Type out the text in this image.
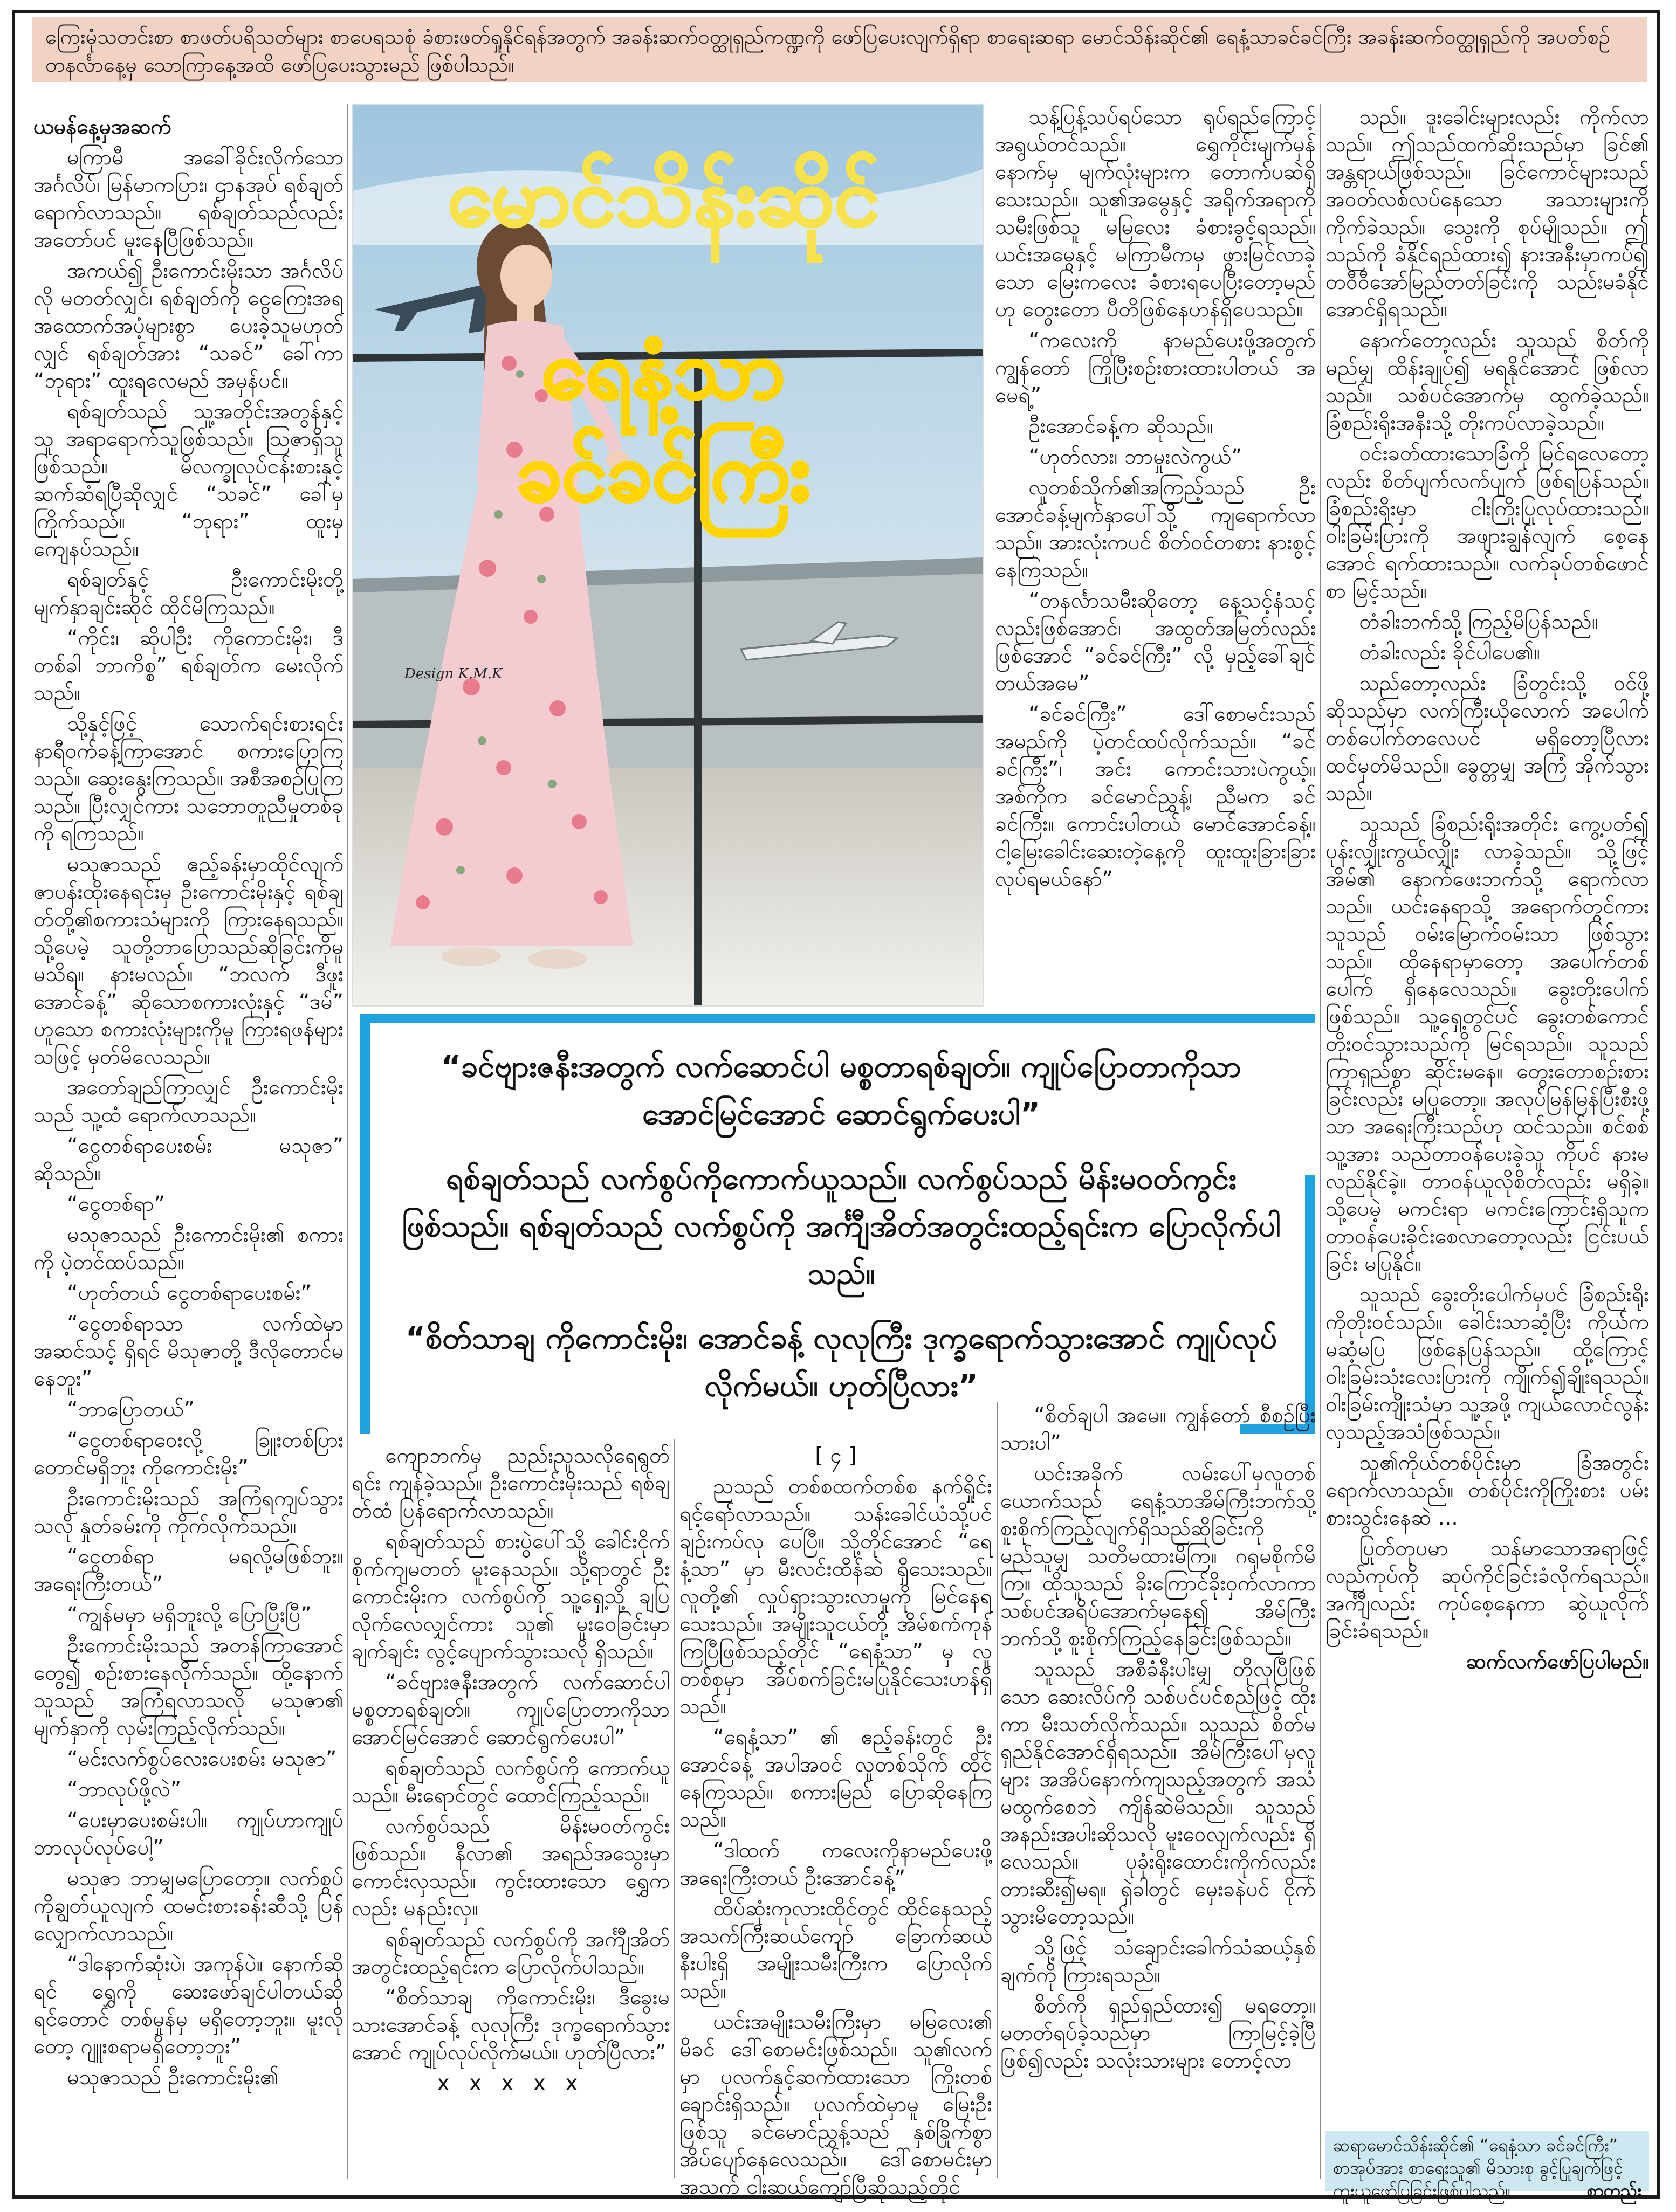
ကြေးမုံသတင်းစာ စာဖတ်ပရိသတ်များ စာပေရသစုံ ခံစားဖတ်ရှုနိုင်ရန်အတွက် အခန်းဆက်ဝတ္ထုရှည်ကဏ္ဍကို ဖော်ပြပေးလျက်ရှိရာ စာရေးဆရာ မောင်သိန်းဆိုင်၏ ရေနံ့သာခင်ခင်ကြီး အခန်းဆက်ဝတ္ထုရှည်ကို အပတ်စဉ် တနင်္လာနေ့မှ သောကြာနေ့အထိ ဖော်ပြပေးသွားမည် ဖြစ်ပါသည်။
မောင်သိန်းဆိုင်
ရေနံ့သာ
ခင်ခင်ကြီး
Design K.M.K

“ခင်ဗျားဇနီးအတွက် လက်ဆောင်ပါ မစ္စတာရစ်ချတ်။ ကျုပ်ပြောတာကိုသာ အောင်မြင်အောင် ဆောင်ရွက်ပေးပါ”

ရစ်ချတ်သည် လက်စွပ်ကိုကောက်ယူသည်။ လက်စွပ်သည် မိန်းမဝတ်ကွင်းဖြစ်သည်။ ရစ်ချတ်သည် လက်စွပ်ကို အင်္ကျီအိတ်အတွင်းထည့်ရင်းက ပြောလိုက်ပါသည်။

“စိတ်သာချ ကိုကောင်းမိုး၊ အောင်ခန့် လုလုကြီး ဒုက္ခရောက်သွားအောင် ကျုပ်လုပ်လိုက်မယ်။ ဟုတ်ပြီလား”

ယမန်နေ့မှအဆက်

မကြာမီ အခေါ်ခိုင်းလိုက်သော အင်္ဂလိပ်၊ မြန်မာကပြား၊ ဌာနအုပ် ရစ်ချတ် ရောက်လာသည်။ ရစ်ချတ်သည်လည်း အတော်ပင် မူးနေပြီဖြစ်သည်။

အကယ်၍ ဦးကောင်းမိုးသာ အင်္ဂလိပ်လို မတတ်လျှင်၊ ရစ်ချတ်ကို ငွေကြေးအရ အထောက်အပံ့များစွာ ပေးခဲ့သူမဟုတ်လျှင် ရစ်ချတ်အား “သခင်” ခေါ်ကာ “ဘုရား” ထူးရလေမည် အမှန်ပင်။

ရစ်ချတ်သည် သူ့အတိုင်းအတွန်နှင့်သူ အရာရောက်သူဖြစ်သည်။ ဩဇာရှိသူဖြစ်သည်။ မိလက္ခုလုပ်ငန်းစားနှင့် ဆက်ဆံရပြီဆိုလျှင် “သခင်” ခေါ်မှ ကြိုက်သည်။ “ဘုရား” ထူးမှ ကျေနပ်သည်။

ရစ်ချတ်နှင့် ဦးကောင်းမိုးတို့ မျက်နှာချင်းဆိုင် ထိုင်မိကြသည်။

“ကိုင်း၊ ဆိုပါဦး ကိုကောင်းမိုး၊ ဒီတစ်ခါ ဘာကိစ္စ” ရစ်ချတ်က မေးလိုက်သည်။

သို့နှင့်ဖြင့် သောက်ရင်းစားရင်း နာရီဝက်ခန့်ကြာအောင် စကားပြောကြသည်။ ဆွေးနွေးကြသည်။ အစီအစဉ်ပြုကြသည်။ ပြီးလျှင်ကား သဘောတူညီမှုတစ်ခုကို ရကြသည်။

မသုဇာသည် ဧည့်ခန်းမှာထိုင်လျက် ဇာပန်းထိုးနေရင်းမှ ဦးကောင်းမိုးနှင့် ရစ်ချတ်တို့၏စကားသံများကို ကြားနေရသည်။ သို့ပေမဲ့ သူတို့ဘာပြောသည်ဆိုခြင်းကိုမူ မသိရ။ နားမလည်။ “ဘလက် ဒီဖူး အောင်ခန့်” ဆိုသောစကားလုံးနှင့် “ဒမ်” ဟူသော စကားလုံးများကိုမူ ကြားရဖန်များသဖြင့် မှတ်မိလေသည်။

အတော်ချည်ကြာလျှင် ဦးကောင်းမိုးသည် သူ့ထံ ရောက်လာသည်။

“ငွေတစ်ရာပေးစမ်း မသုဇာ” ဆိုသည်။

“ငွေတစ်ရာ”

မသုဇာသည် ဦးကောင်းမိုး၏ စကားကို ပဲ့တင်ထပ်သည်။

“ဟုတ်တယ် ငွေတစ်ရာပေးစမ်း”

“ငွေတစ်ရာသာ လက်ထဲမှာအဆင်သင့် ရှိရင် မိသုဇာတို့ ဒီလိုတောင်မနေဘူး”

“ဘာပြောတယ်”

“ငွေတစ်ရာဝေးလို့ ခြူးတစ်ပြားတောင်မရှိဘူး ကိုကောင်းမိုး”

ဦးကောင်းမိုးသည် အကြံရကျပ်သွားသလို နှုတ်ခမ်းကို ကိုက်လိုက်သည်။

“ငွေတစ်ရာ မရလို့မဖြစ်ဘူး။ အရေးကြီးတယ်”

“ကျွန်မမှာ မရှိဘူးလို့ ပြောပြီးပြီ”

ဦးကောင်းမိုးသည် အတန်ကြာအောင် တွေ၍ စဉ်းစားနေလိုက်သည်။ ထို့နောက် သူသည် အကြံရလာသလို မသုဇာ၏ မျက်နှာကို လှမ်းကြည့်လိုက်သည်။

“မင်းလက်စွပ်လေးပေးစမ်း မသုဇာ”

“ဘာလုပ်ဖို့လဲ”

“ပေးမှာပေးစမ်းပါ။ ကျုပ်ဟာကျုပ် ဘာလုပ်လုပ်ပေါ့”

မသုဇာ ဘာမျှမပြောတော့။ လက်စွပ်ကိုချွတ်ယူလျက် ထမင်းစားခန်းဆီသို့ ပြန်လျှောက်လာသည်။

“ဒါနောက်ဆုံးပဲ၊ အကုန်ပဲ။ နောက်ဆိုရင် ရွှေကို ဆေးဖော်ချင်ပါတယ်ဆိုရင်တောင် တစ်မှုန်မှ မရှိတော့ဘူး။ မူးလိုတော့ ဂျူးစရာမရှိတော့ဘူး”

မသုဇာသည် ဦးကောင်းမိုး၏

သန့်ပြန့်သပ်ရပ်သော ရုပ်ရည်ကြောင့် အရွယ်တင်သည်။ ရွှေကိုင်းမျက်မှန်နောက်မှ မျက်လုံးများက တောက်ပဆဲရှိသေးသည်။ သူ၏အမွေနှင့် အရိုက်အရာကို သမီးဖြစ်သူ မမြလေး ခံစားခွင့်ရသည်။ ယင်းအမွေနှင့် မကြာမီကမှ ဖွားမြင်လာခဲ့သော မြေးကလေး ခံစားရပေပြီးတော့မည်ဟု တွေးတော ပီတိဖြစ်နေဟန်ရှိပေသည်။

“ကလေးကို နာမည်ပေးဖို့အတွက် ကျွန်တော် ကြိုပြီးစဉ်းစားထားပါတယ် အမေရဲ့”

ဦးအောင်ခန့်က ဆိုသည်။

“ဟုတ်လား၊ ဘာမှုးလဲကွယ်”

လူတစ်သိုက်၏အကြည့်သည် ဦးအောင်ခန့်မျက်နှာပေါ်သို့ ကျရောက်လာသည်။ အားလုံးကပင် စိတ်ဝင်တစား နားစွင့်နေကြသည်။

“တနင်္လာသမီးဆိုတော့ နေ့သင့်နံသင့်လည်းဖြစ်အောင်၊ အထွတ်အမြတ်လည်း ဖြစ်အောင် “ခင်ခင်ကြီး” လို့ မှည့်ခေါ်ချင်တယ်အမေ”

“ခင်ခင်ကြီး” ဒေါ်စောမင်းသည် အမည်ကို ပဲ့တင်ထပ်လိုက်သည်။ “ခင်ခင်ကြီး”၊ အင်း ကောင်းသားပဲကွယ့်။ အစ်ကိုက ခင်မောင်ညွှန့်၊ ညီမက ခင်ခင်ကြီး။ ကောင်းပါတယ် မောင်အောင်ခန့်။ ငါ့မြေးခေါင်းဆေးတဲ့နေ့ကို ထူးထူးခြားခြားလုပ်ရမယ်နော်”

ကျောဘက်မှ ညည်းညူသလိုရေရွတ်ရင်း ကျန်ခဲ့သည်။ ဦးကောင်းမိုးသည် ရစ်ချတ်ထံ ပြန်ရောက်လာသည်။

ရစ်ချတ်သည် စားပွဲပေါ်သို့ ခေါင်းငိုက်စိုက်ကျမတတ် မူးနေသည်။ သို့ရာတွင် ဦးကောင်းမိုးက လက်စွပ်ကို သူ့ရှေ့သို့ ချပြလိုက်လေလျှင်ကား သူ၏ မူးဝေခြင်းမှာ ချက်ချင်း လွင့်ပျောက်သွားသလို ရှိသည်။

“ခင်ဗျားဇနီးအတွက် လက်ဆောင်ပါ မစ္စတာရစ်ချတ်။ ကျုပ်ပြောတာကိုသာ အောင်မြင်အောင် ဆောင်ရွက်ပေးပါ”

ရစ်ချတ်သည် လက်စွပ်ကို ကောက်ယူသည်။ မီးရောင်တွင် ထောင်ကြည့်သည်။

လက်စွပ်သည် မိန်းမဝတ်ကွင်းဖြစ်သည်။ နီလာ၏ အရည်အသွေးမှာ ကောင်းလှသည်။ ကွင်းထားသော ရွှေကလည်း မနည်းလှ။

ရစ်ချတ်သည် လက်စွပ်ကို အင်္ကျီအိတ်အတွင်းထည့်ရင်းက ပြောလိုက်ပါသည်။

“စိတ်သာချ ကိုကောင်းမိုး၊ ဒီခွေးမသားအောင်ခန့် လုလုကြီး ဒုက္ခရောက်သွားအောင် ကျုပ်လုပ်လိုက်မယ်။ ဟုတ်ပြီလား”

x x x x x

[ ၄ ]

ညသည် တစ်စထက်တစ်စ နက်ရှိုင်းရင့်ရော်လာသည်။ သန်းခေါင်ယံသို့ပင် ချဉ်းကပ်လု ပေပြီ။ သို့တိုင်အောင် “ရေနံ့သာ” မှာ မီးလင်းထိန်ဆဲ ရှိသေးသည်။ လူတို့၏ လှုပ်ရှားသွားလာမှုကို မြင်နေရသေးသည်။ အမျိုးသူငယ်တို့ အိမ်စက်ကုန်ကြပြီဖြစ်သည့်တိုင် “ရေနံ့သာ” မှ လူတစ်စုမှာ အိပ်စက်ခြင်းမပြုနိုင်သေးဟန်ရှိသည်။

“ရေနံ့သာ” ၏ ဧည့်ခန်းတွင် ဦးအောင်ခန့် အပါအဝင် လူတစ်သိုက် ထိုင်နေကြသည်။ စကားမြည် ပြောဆိုနေကြသည်။

“ဒါထက် ကလေးကိုနာမည်ပေးဖို့ အရေးကြီးတယ် ဦးအောင်ခန့်”

ထိပ်ဆုံးကုလားထိုင်တွင် ထိုင်နေသည့် အသက်ကြီးဆယ်ကျော် ခြောက်ဆယ်နီးပါးရှိ အမျိုးသမီးကြီးက ပြောလိုက်သည်။

ယင်းအမျိုးသမီးကြီးမှာ မမြလေး၏ မိခင် ဒေါ်စောမင်းဖြစ်သည်။ သူ၏လက်မှာ ပုလက်နှင့်ဆက်ထားသော ကြိုးတစ်ချောင်းရှိသည်။ ပုလက်ထဲမှာမူ မြေးဦး ဖြစ်သူ ခင်မောင်ညွှန့်သည် နှစ်ခြိုက်စွာ အိပ်ပျော်နေလေသည်။ ဒေါ်စောမင်းမှာ အသက် ငါးဆယ်ကျော်ပြီဆိုသည့်တိုင်

“စိတ်ချပါ အမေ။ ကျွန်တော် စီစဉ်ပြီးသားပါ”

ယင်းအခိုက် လမ်းပေါ်မှလူတစ်ယောက်သည် ရေနံ့သာအိမ်ကြီးဘက်သို့ စူးစိုက်ကြည့်လျက်ရှိသည်ဆိုခြင်းကို မည်သူမျှ သတိမထားမိကြ။ ဂရုမစိုက်မိကြ။ ထိုသူသည် ခိုးကြောင်ခိုးဝှက်လာကာ သစ်ပင်အရိပ်အောက်မှနေ၍ အိမ်ကြီးဘက်သို့ စူးစိုက်ကြည့်နေခြင်းဖြစ်သည်။

သူသည် အစီခံနီးပါးမျှ တိုလှပြီဖြစ်သော ဆေးလိပ်ကို သစ်ပင်ပင်စည်ဖြင့် ထိုးကာ မီးသတ်လိုက်သည်။ သူသည် စိတ်မရှည်နိုင်အောင်ရှိရသည်။ အိမ်ကြီးပေါ်မှလူများ အအိပ်နောက်ကျသည့်အတွက် အသံမထွက်စေဘဲ ကျိန်ဆဲမိသည်။ သူသည် အနည်းအပါးဆိုသလို မူးဝေလျက်လည်း ရှိလေသည်။ ပုခုံးရိုးထောင်းကိုက်လည်း တားဆီး၍မရ။ ရှဲခါတွင် မှေးခနဲပင် ငိုက်သွားမိတော့သည်။

သို့ဖြင့် သံချောင်းခေါက်သံဆယ့်နှစ်ချက်ကို ကြားရသည်။

စိတ်ကို ရှည်ရှည်ထား၍ မရတော့။ မတတ်ရပ်ခဲ့သည်မှာ ကြာမြင့်ခဲ့ပြီဖြစ်၍လည်း သလုံးသားများ တောင့်လာ

သည်။ ဒူးခေါင်းများလည်း ကိုက်လာသည်။ ဤသည်ထက်ဆိုးသည်မှာ ခြင်၏ အန္တရာယ်ဖြစ်သည်။ ခြင်ကောင်များသည် အဝတ်လစ်လပ်နေသော အသားများကို ကိုက်ခဲသည်။ သွေးကို စုပ်မျိုသည်။ ဤသည်ကို ခံနိုင်ရည်ထား၍ နားအနီးမှာကပ်၍ တဝီဝီအော်မြည်တတ်ခြင်းကို သည်းမခံနိုင်အောင်ရှိရသည်။

နောက်တော့လည်း သူသည် စိတ်ကို မည်မျှ ထိန်းချုပ်၍ မရနိုင်အောင် ဖြစ်လာသည်။ သစ်ပင်အောက်မှ ထွက်ခဲ့သည်။ ခြံစည်းရိုးအနီးသို့ တိုးကပ်လာခဲ့သည်။

ဝင်းခတ်ထားသောခြံကို မြင်ရလေတော့လည်း စိတ်ပျက်လက်ပျက် ဖြစ်ရပြန်သည်။ ခြံစည်းရိုးမှာ ငါးကြိုးပြုလုပ်ထားသည်။ ဝါးခြမ်းပြားကို အဖျားချွန်လျက် စေ့နေအောင် ရက်ထားသည်။ လက်ခုပ်တစ်ဖောင်စာ မြင့်သည်။

တံခါးဘက်သို့ ကြည့်မိပြန်သည်။

တံခါးလည်း ခိုင်ပါပေ၏။

သည်တော့လည်း ခြံတွင်းသို့ ဝင်ဖို့ ဆိုသည်မှာ လက်ကြီးယိုလောက် အပေါက်တစ်ပေါက်တလေပင် မရှိတော့ပြီလား ထင်မှတ်မိသည်။ ခွေတ္တမျှ အကြံ အိုက်သွားသည်။

သူသည် ခြံစည်းရိုးအတိုင်း ကွေ့ပတ်၍ ပုန်းလျှိုးကွယ်လျှိုး လာခဲ့သည်။ သို့ဖြင့် အိမ်၏ နောက်ဖေးဘက်သို့ ရောက်လာသည်။ ယင်းနေရာသို့ အရောက်တွင်ကား သူသည် ဝမ်းမြောက်ဝမ်းသာ ဖြစ်သွားသည်။ ထိုနေရာမှာတော့ အပေါက်တစ်ပေါက် ရှိနေလေသည်။ ခွေးတိုးပေါက်ဖြစ်သည်။ သူ့ရှေ့တွင်ပင် ခွေးတစ်ကောင် တိုးဝင်သွားသည်ကို မြင်ရသည်။ သူသည် ကြာရှည်စွာ ဆိုင်းမနေ။ တွေးတောစဉ်းစားခြင်းလည်း မပြုတော့။ အလုပ်မြန်မြန်ပြီးစီးဖို့သာ အရေးကြီးသည်ဟု ထင်သည်။ စင်စစ် သူ့အား သည်တာဝန်ပေးခဲ့သူ ကိုပင် နားမလည်နိုင်ခဲ့။ တာဝန်ယူလိုစိတ်လည်း မရှိခဲ့။ သို့ပေမဲ့ မကင်းရာ မကင်းကြောင်းရှိသူက တာဝန်ပေးခိုင်းစေလာတော့လည်း ငြင်းပယ်ခြင်း မပြုနိုင်။

သူသည် ခွေးတိုးပေါက်မှပင် ခြံစည်းရိုးကိုတိုးဝင်သည်။ ခေါင်းသာဆံ့ပြီး ကိုယ်က မဆံ့မပြ ဖြစ်နေပြန်သည်။ ထို့ကြောင့် ဝါးခြမ်းသုံးလေးပြားကို ကျိုက်၍ချိုးရသည်။ ဝါးခြမ်းကျိုးသံမှာ သူ့အဖို့ ကျယ်လောင်လွန်းလှသည့်အသံဖြစ်သည်။

သူ၏ကိုယ်တစ်ပိုင်းမှာ ခြံအတွင်း ရောက်လာသည်။ တစ်ပိုင်းကိုကြိုးစား ပမ်းစားသွင်းနေဆဲ ...

ပြုတ်တုပမာ သန်မာသောအရာဖြင့် လည်ကုပ်ကို ဆုပ်ကိုင်ခြင်းခံလိုက်ရသည်။ အင်္ကျီလည်း ကုပ်စေ့နေကာ ဆွဲယူလိုက်ခြင်းခံရသည်။

ဆက်လက်ဖော်ပြပါမည်။

ဆရာမောင်သိန်းဆိုင်၏ “ရေနံ့သာ ခင်ခင်ကြီး” စာအုပ်အား စာရေးသူ၏ မိသားစု ခွင့်ပြုချက်ဖြင့် ကူးယူဖော်ပြခြင်းဖြစ်ပါသည်။	စာတည်း
